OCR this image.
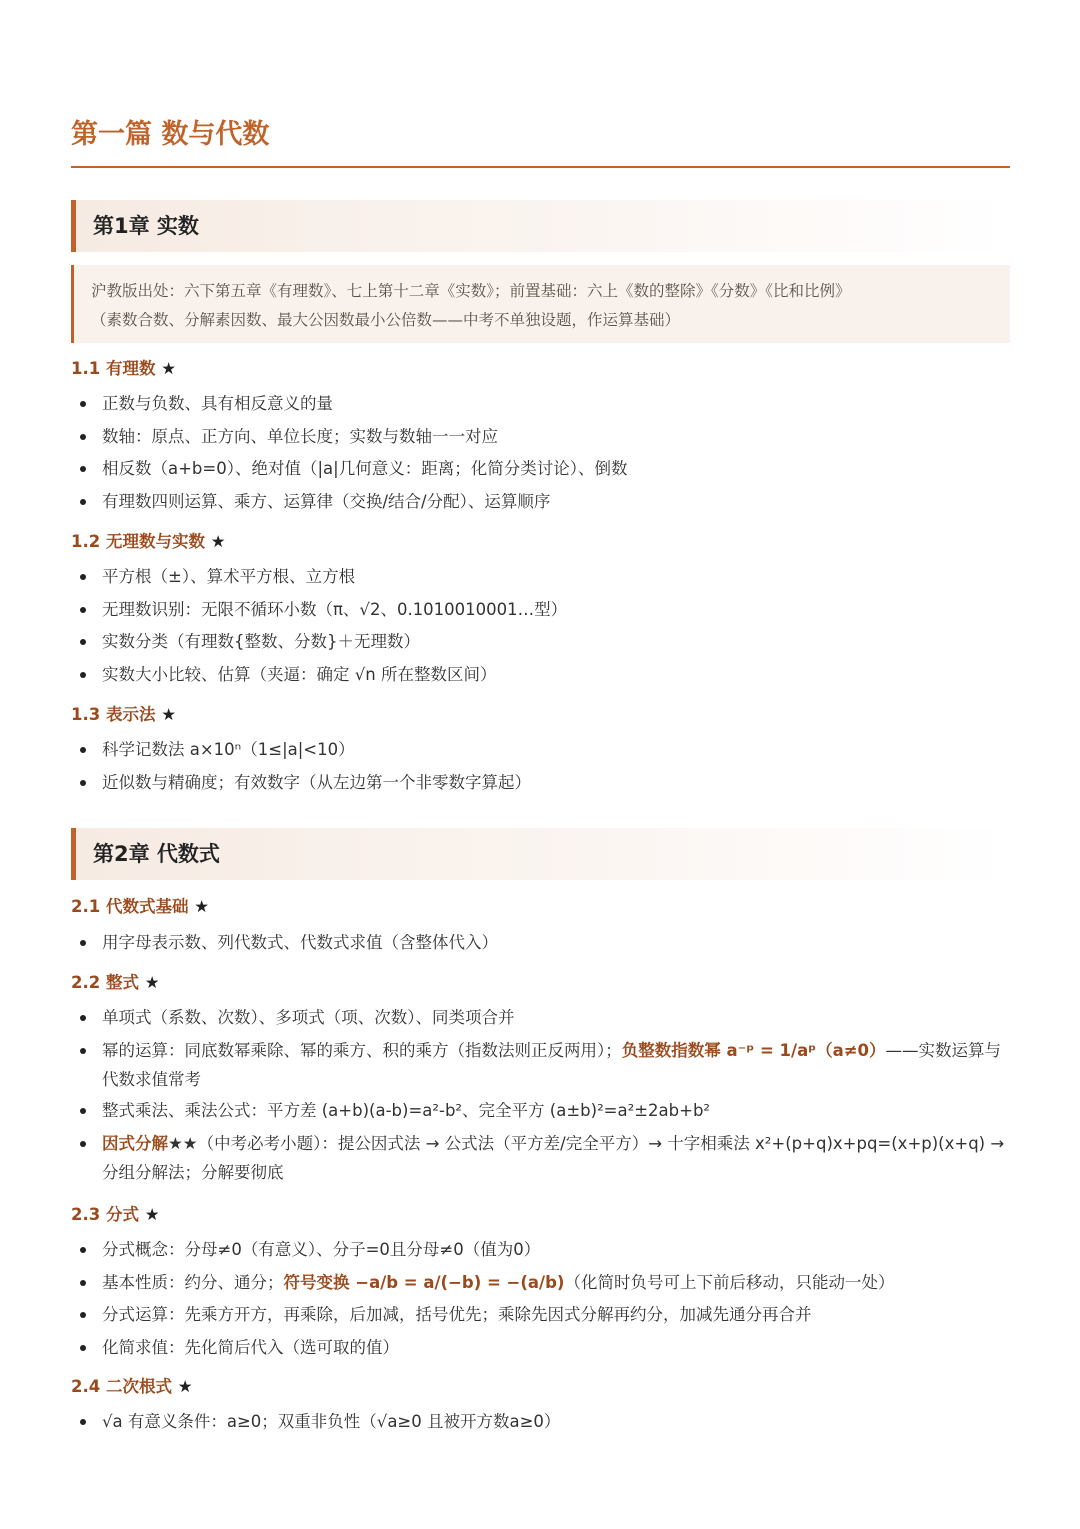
第一篇 数与代数
第1章 实数

沪教版出处：六下第五章《有理数》、七上第十二章《实数》；前置基础：六上《数的整除》《分数》《比和比例》

（素数合数、分解素因数、最大公因数最小公倍数——中考不单独设题，作运算基础）

1.1 有理数 ★
正数与负数、具有相反意义的量
数轴：原点、正方向、单位长度；实数与数轴一一对应
相反数（a+b=0）、绝对值（|a|几何意义：距离；化简分类讨论）、倒数
有理数四则运算、乘方、运算律（交换/结合/分配）、运算顺序
1.2 无理数与实数 ★
平方根（±）、算术平方根、立方根
无理数识别：无限不循环小数（π、√2、0.1010010001…型）
实数分类（有理数{整数、分数}＋无理数）
实数大小比较、估算（夹逼：确定 √n 所在整数区间）
1.3 表示法 ★
科学记数法 a×10ⁿ（1≤|a|<10）
近似数与精确度；有效数字（从左边第一个非零数字算起）
第2章 代数式
2.1 代数式基础 ★
用字母表示数、列代数式、代数式求值（含整体代入）
2.2 整式 ★
单项式（系数、次数）、多项式（项、次数）、同类项合并
幂的运算：同底数幂乘除、幂的乘方、积的乘方（指数法则正反两用）；负整数指数幂 a⁻ᵖ = 1/aᵖ（a≠0）——实数运算与代数求值常考
整式乘法、乘法公式：平方差 (a+b)(a-b)=a²-b²、完全平方 (a±b)²=a²±2ab+b²
因式分解★★（中考必考小题）：提公因式法 → 公式法（平方差/完全平方）→ 十字相乘法 x²+(p+q)x+pq=(x+p)(x+q) → 分组分解法；分解要彻底
2.3 分式 ★
分式概念：分母≠0（有意义）、分子=0且分母≠0（值为0）
基本性质：约分、通分；符号变换 −a/b = a/(−b) = −(a/b)（化简时负号可上下前后移动，只能动一处）
分式运算：先乘方开方，再乘除，后加减，括号优先；乘除先因式分解再约分，加减先通分再合并
化简求值：先化简后代入（选可取的值）
2.4 二次根式 ★
√a 有意义条件：a≥0；双重非负性（√a≥0 且被开方数a≥0）
